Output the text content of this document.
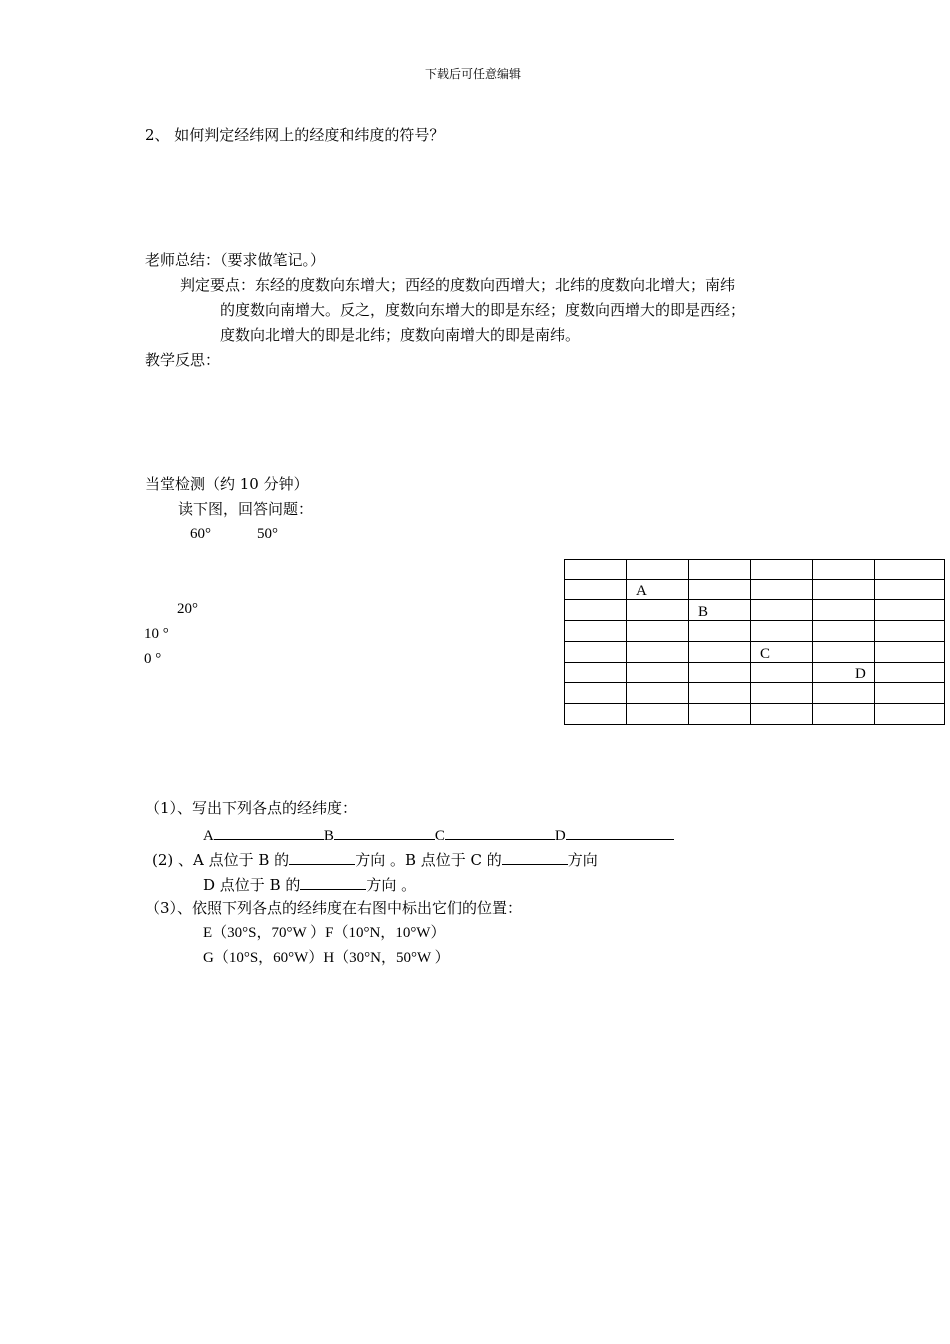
下载后可任意编辑
2、 如何判定经纬网上的经度和纬度的符号？
老师总结：（要求做笔记。）
判定要点：东经的度数向东增大；西经的度数向西增大；北纬的度数向北增大；南纬
的度数向南增大。反之，度数向东增大的即是东经；度数向西增大的即是西经；
度数向北增大的即是北纬；度数向南增大的即是南纬。
教学反思：
当堂检测（约 10 分钟）
读下图，回答问题：
60°	50°
20°
10 °
0 °

	A				
		B			

			C		
				D	

（1）、写出下列各点的经纬度：
A	B	C	D
(2) 、A 点位于 B 的	方向 。B 点位于 C 的	方向
D 点位于 B 的	方向 。
（3）、依照下列各点的经纬度在右图中标出它们的位置：
E（30°S，70°W ）F（10°N，10°W）
G（10°S，60°W）H（30°N，50°W ）
